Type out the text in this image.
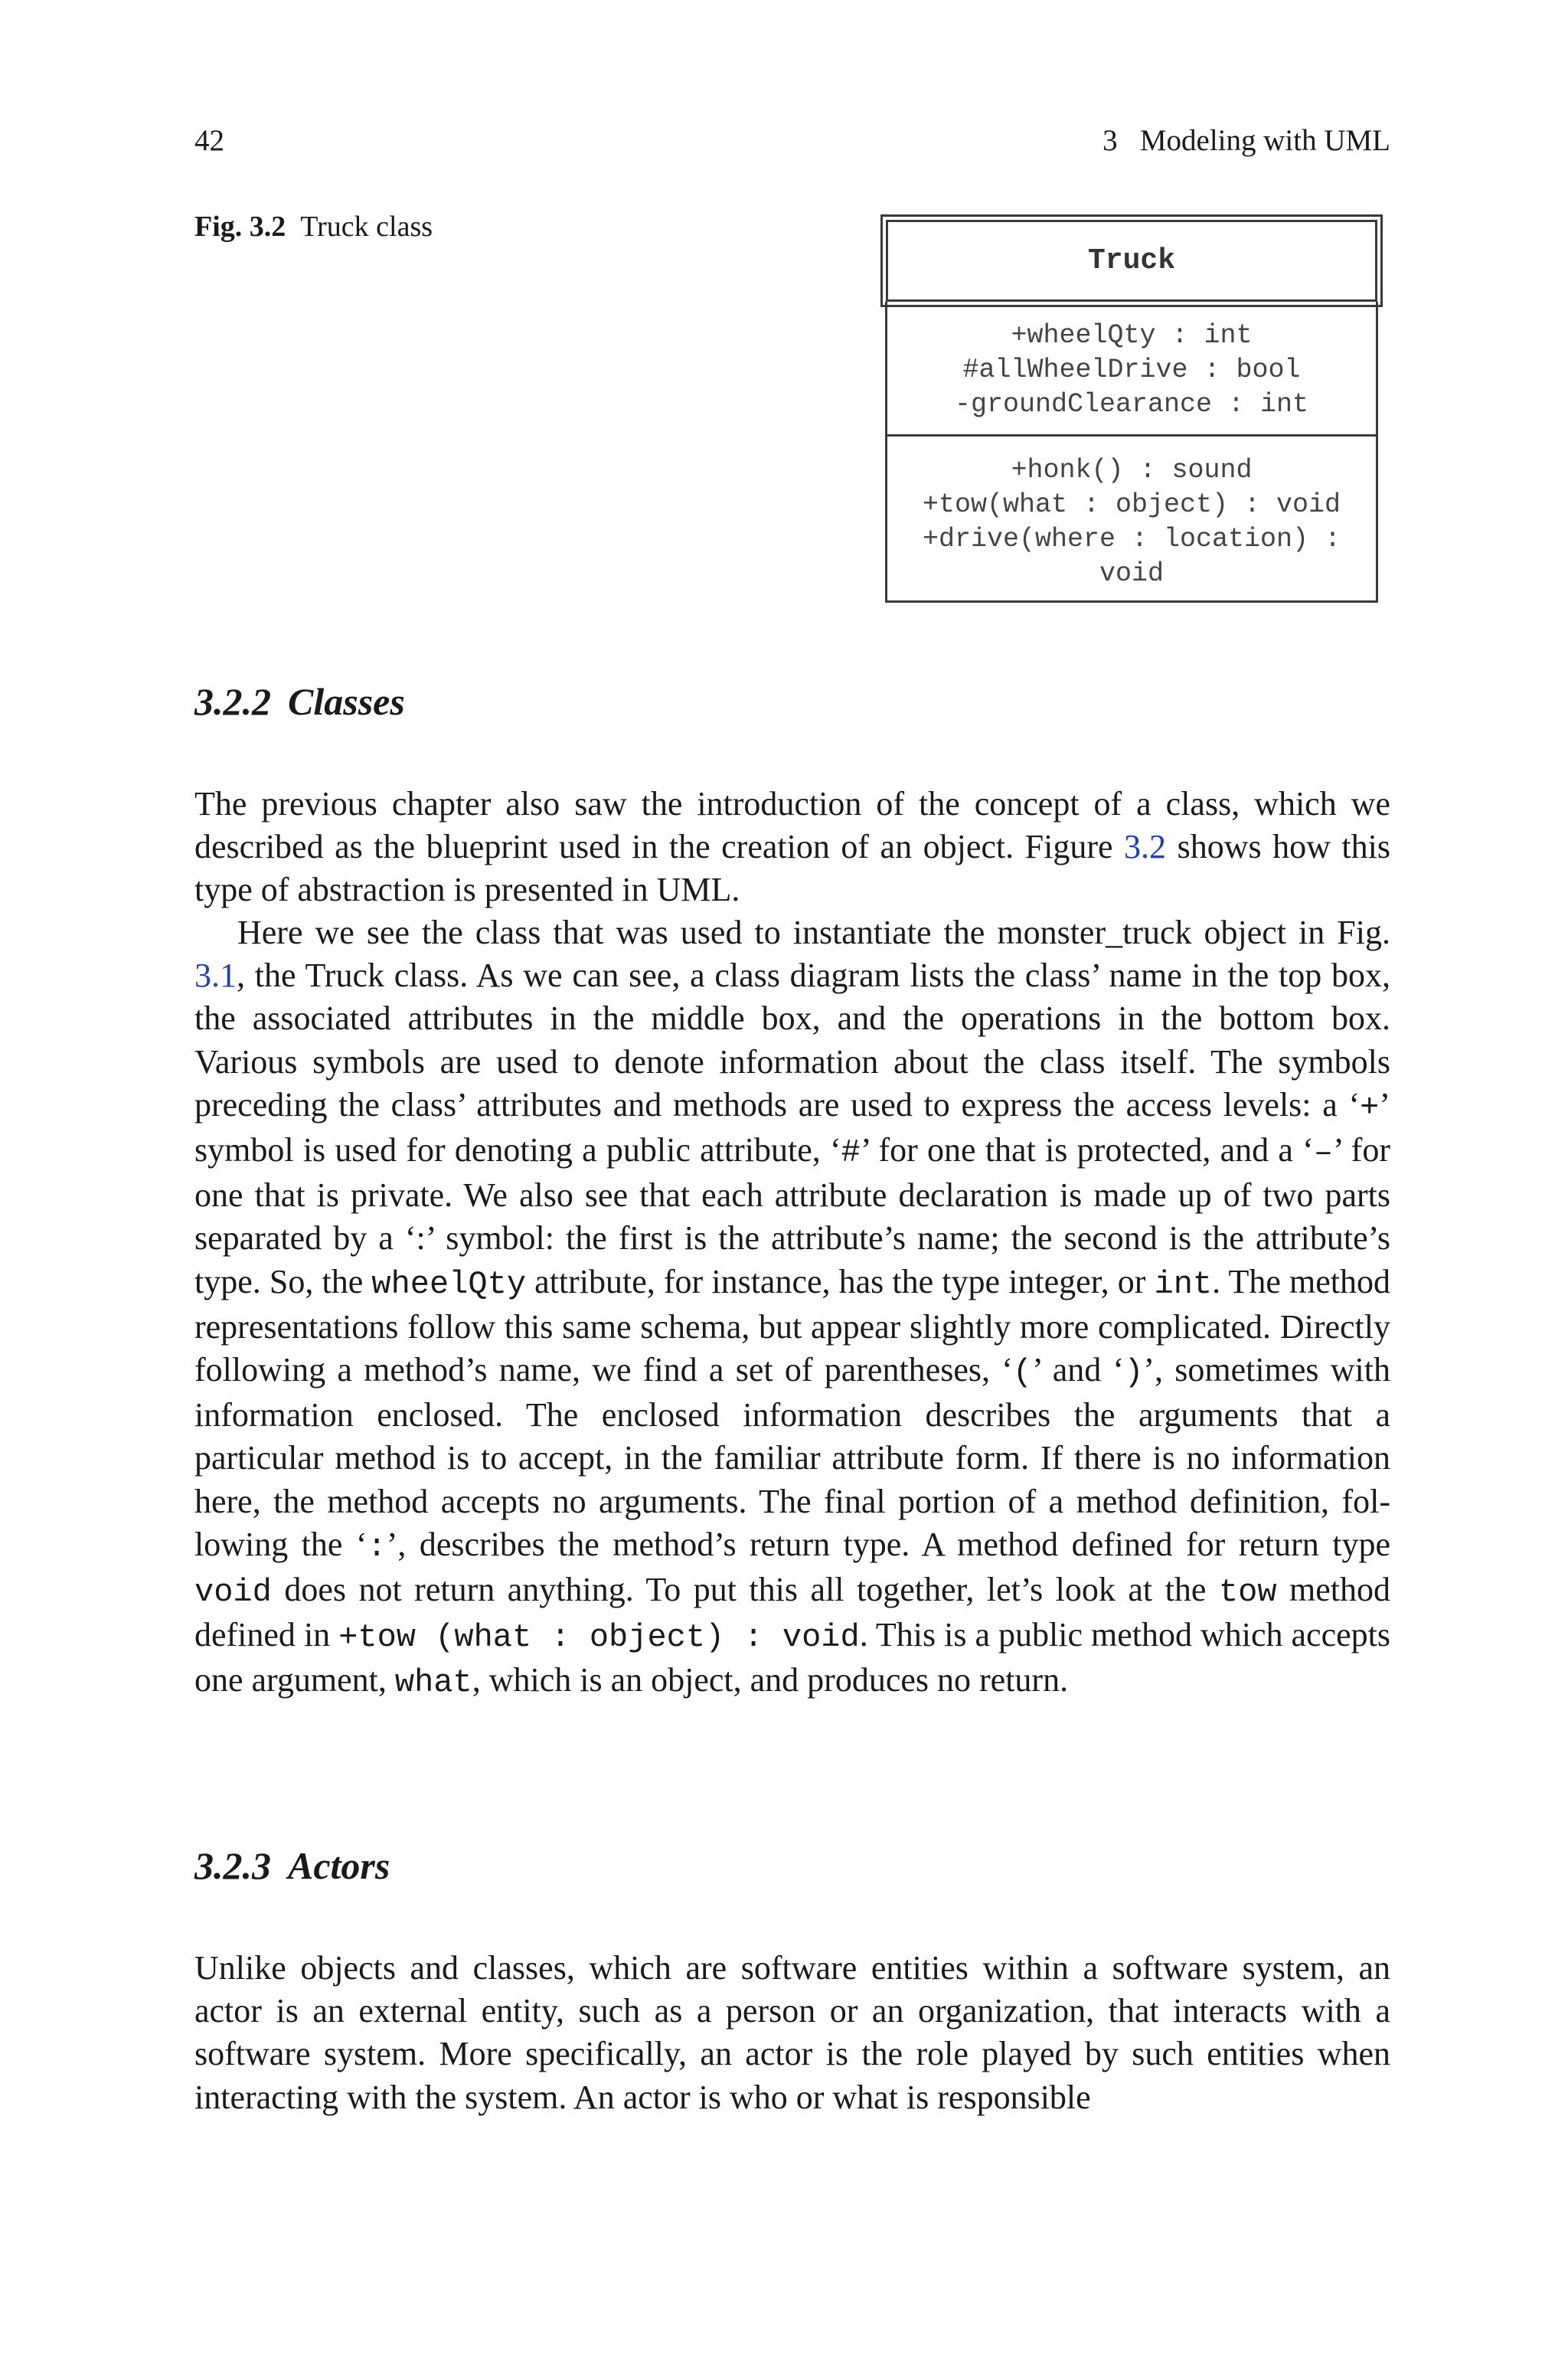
42	3   Modeling with UML
Fig. 3.2 Truck class
Truck
+wheelQty : int
#allWheelDrive : bool
-groundClearance : int
+honk() : sound
+tow(what : object) : void
+drive(where : location) :
void
3.2.2 Classes

The previous chapter also saw the introduction of the concept of a class, which we described as the blueprint used in the creation of an object. Figure 3.2 shows how this type of abstraction is presented in UML.

Here we see the class that was used to instantiate the monster_truck object in Fig. 3.1, the Truck class. As we can see, a class diagram lists the class’ name in the top box, the associated attributes in the middle box, and the operations in the bottom box. Various symbols are used to denote information about the class itself. The symbols preceding the class’ attributes and methods are used to express the access levels: a ‘+’ symbol is used for denoting a public attribute, ‘#’ for one that is protected, and a ‘–’ for one that is private. We also see that each attribute declaration is made up of two parts separated by a ‘:’ symbol: the first is the attribute’s name; the second is the attribute’s type. So, the wheelQty attribute, for instance, has the type integer, or int. The method representations follow this same schema, but appear slightly more complicated. Directly following a method’s name, we find a set of parentheses, ‘(’ and ‘)’, sometimes with information enclosed. The enclosed information describes the arguments that a particular method is to accept, in the familiar attribute form. If there is no information here, the method accepts no arguments. The final portion of a method definition, fol-lowing the ‘:’, describes the method’s return type. A method defined for return type void does not return anything. To put this all together, let’s look at the tow method defined in +tow (what : object) : void. This is a public method which accepts one argument, what, which is an object, and produces no return.

3.2.3 Actors

Unlike objects and classes, which are software entities within a software system, an actor is an external entity, such as a person or an organization, that interacts with a software system. More specifically, an actor is the role played by such entities when interacting with the system. An actor is who or what is responsible
